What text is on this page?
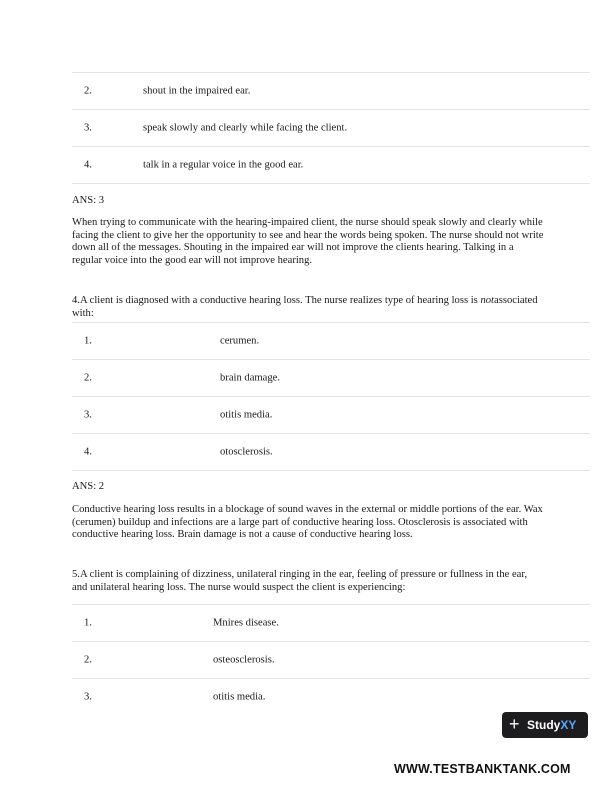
2.	shout in the impaired ear.
3.	speak slowly and clearly while facing the client.
4.	talk in a regular voice in the good ear.

ANS: 3

When trying to communicate with the hearing-impaired client, the nurse should speak slowly and clearly while facing the client to give her the opportunity to see and hear the words being spoken. The nurse should not write down all of the messages. Shouting in the impaired ear will not improve the clients hearing. Talking in a regular voice into the good ear will not improve hearing.

4.A client is diagnosed with a conductive hearing loss. The nurse realizes type of hearing loss is notassociated with:

1.	cerumen.
2.	brain damage.
3.	otitis media.
4.	otosclerosis.

ANS: 2

Conductive hearing loss results in a blockage of sound waves in the external or middle portions of the ear. Wax (cerumen) buildup and infections are a large part of conductive hearing loss. Otosclerosis is associated with conductive hearing loss. Brain damage is not a cause of conductive hearing loss.

5.A client is complaining of dizziness, unilateral ringing in the ear, feeling of pressure or fullness in the ear, and unilateral hearing loss. The nurse would suspect the client is experiencing:

1.	Mnires disease.
2.	osteosclerosis.
3.	otitis media.
+ StudyXY
WWW.TESTBANKTANK.COM
